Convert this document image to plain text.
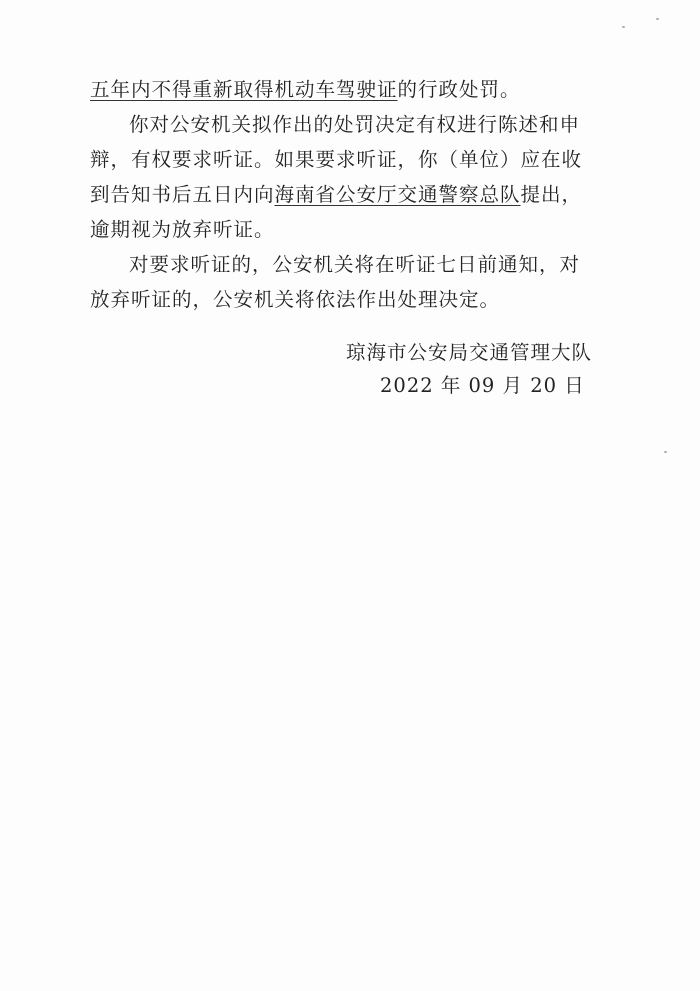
五年内不得重新取得机动车驾驶证的行政处罚。

你对公安机关拟作出的处罚决定有权进行陈述和申辩，有权要求听证。如果要求听证，你（单位）应在收到告知书后五日内向海南省公安厅交通警察总队提出，逾期视为放弃听证。

对要求听证的，公安机关将在听证七日前通知，对放弃听证的，公安机关将依法作出处理决定。

琼海市公安局交通管理大队
2022 年 09 月 20 日
